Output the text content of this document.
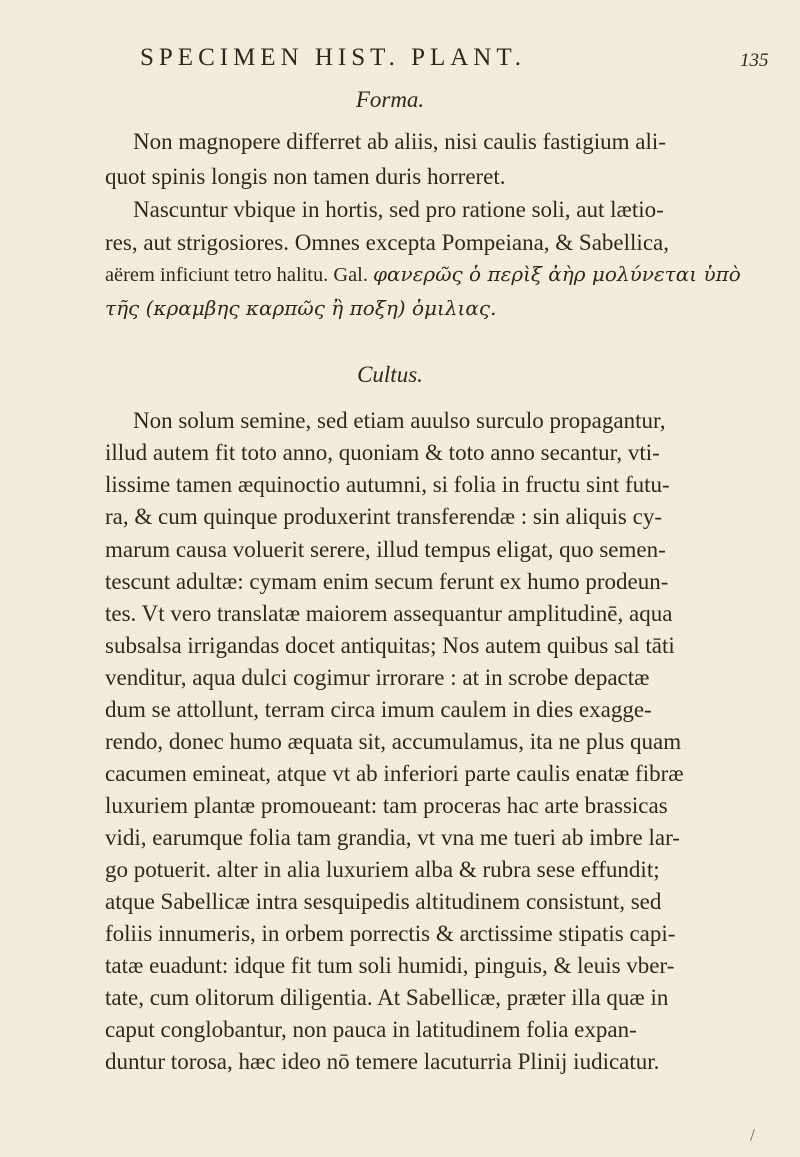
SPECIMEN HIST. PLANT.	135
Forma.
Non magnopere differret ab aliis, nisi caulis fastigium ali-
quot spinis longis non tamen duris horreret.
Nascuntur vbique in hortis, sed pro ratione soli, aut lætio-
res, aut strigosiores. Omnes excepta Pompeiana, & Sabellica,
aërem inficiunt tetro halitu. Gal. φανερῶς ὁ περὶξ ἀὴρ μολύνεται ὑπὸ
τῆς (κραμβης καρπῶς ἢ ποξη) ὀμιλιας.
Cultus.
Non solum semine, sed etiam auulso surculo propagantur,
illud autem fit toto anno, quoniam & toto anno secantur, vti-
lissime tamen æquinoctio autumni, si folia in fructu sint futu-
ra, & cum quinque produxerint transferendæ : sin aliquis cy-
marum causa voluerit serere, illud tempus eligat, quo semen-
tescunt adultæ: cymam enim secum ferunt ex humo prodeun-
tes. Vt vero translatæ maiorem assequantur amplitudinē, aqua
subsalsa irrigandas docet antiquitas; Nos autem quibus sal tāti
venditur, aqua dulci cogimur irrorare : at in scrobe depactæ
dum se attollunt, terram circa imum caulem in dies exagge-
rendo, donec humo æquata sit, accumulamus, ita ne plus quam
cacumen emineat, atque vt ab inferiori parte caulis enatæ fibræ
luxuriem plantæ promoueant: tam proceras hac arte brassicas
vidi, earumque folia tam grandia, vt vna me tueri ab imbre lar-
go potuerit. alter in alia luxuriem alba & rubra sese effundit;
atque Sabellicæ intra sesquipedis altitudinem consistunt, sed
foliis innumeris, in orbem porrectis & arctissime stipatis capi-
tatæ euadunt: idque fit tum soli humidi, pinguis, & leuis vber-
tate, cum olitorum diligentia. At Sabellicæ, præter illa quæ in
caput conglobantur, non pauca in latitudinem folia expan-
duntur torosa, hæc ideo nō temere lacuturria Plinij iudicatur.
/
